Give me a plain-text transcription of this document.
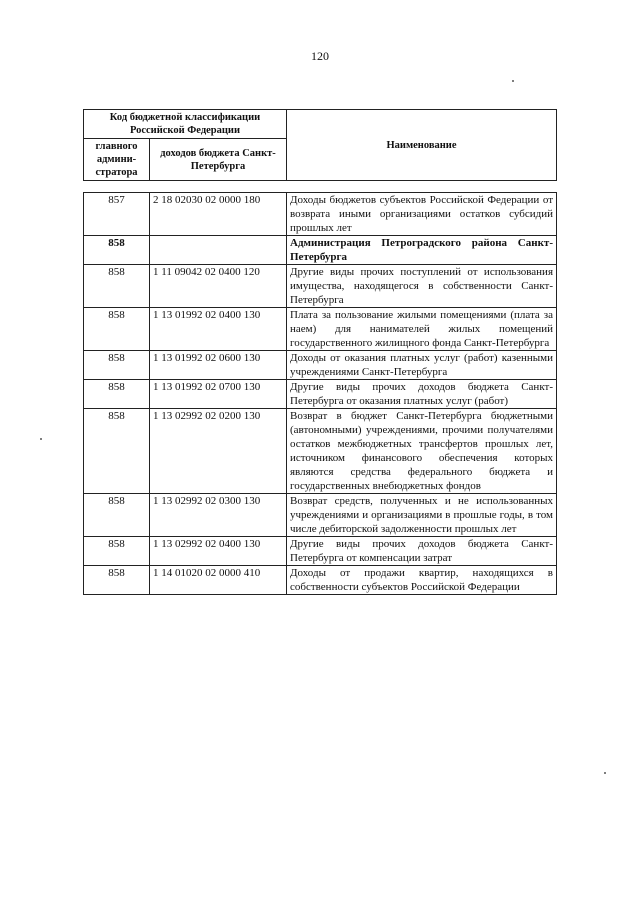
120
Код бюджетной классификации Российской Федерации		Наименование
главного админи-стратора	доходов бюджета Санкт-Петербурга	
857	2 18 02030 02 0000 180	Доходы бюджетов субъектов Российской Федерации от возврата иными организациями остатков субсидий прошлых лет
858		Администрация Петроградского района Санкт-Петербурга
858	1 11 09042 02 0400 120	Другие виды прочих поступлений от использования имущества, находящегося в собственности Санкт-Петербурга
858	1 13 01992 02 0400 130	Плата за пользование жилыми помещениями (плата за наем) для нанимателей жилых помещений государственного жилищного фонда Санкт-Петербурга
858	1 13 01992 02 0600 130	Доходы от оказания платных услуг (работ) казенными учреждениями Санкт-Петербурга
858	1 13 01992 02 0700 130	Другие виды прочих доходов бюджета Санкт-Петербурга от оказания платных услуг (работ)
858	1 13 02992 02 0200 130	Возврат в бюджет Санкт-Петербурга бюджетными (автономными) учреждениями, прочими получателями остатков межбюджетных трансфертов прошлых лет, источником финансового обеспечения которых являются средства федерального бюджета и государственных внебюджетных фондов
858	1 13 02992 02 0300 130	Возврат средств, полученных и не использованных учреждениями и организациями в прошлые годы, в том числе дебиторской задолженности прошлых лет
858	1 13 02992 02 0400 130	Другие виды прочих доходов бюджета Санкт-Петербурга от компенсации затрат
858	1 14 01020 02 0000 410	Доходы от продажи квартир, находящихся в собственности субъектов Российской Федерации
